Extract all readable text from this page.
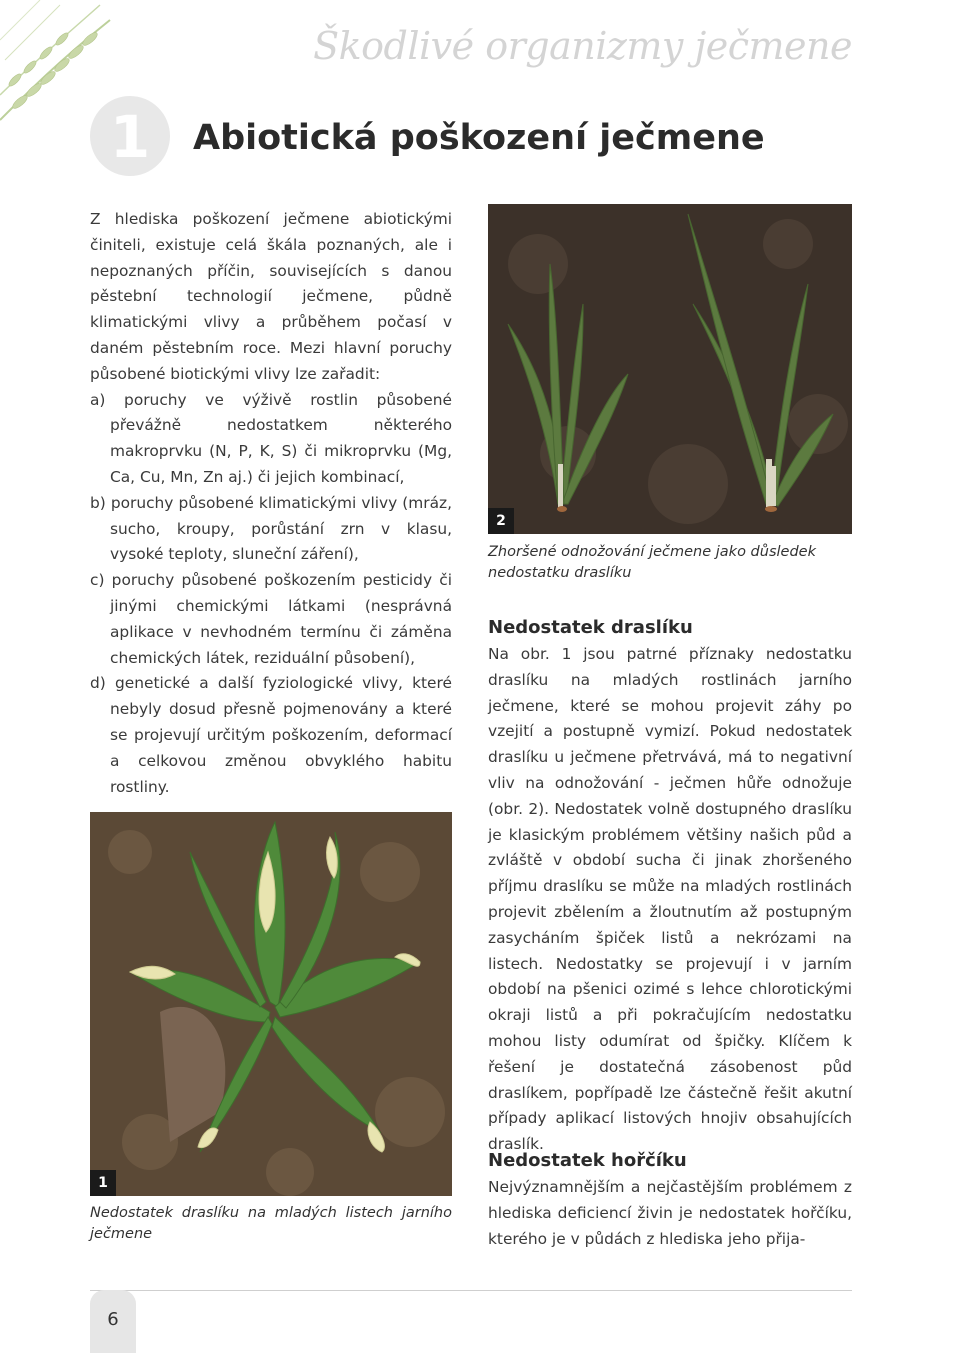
Škodlivé organizmy ječmene
1	Abiotická poškození ječmene

Z hlediska poškození ječmene abiotickými činiteli, existuje celá škála poznaných, ale i nepoznaných příčin, souvisejících s danou pěstební technologií ječmene, půdně klimatickými vlivy a průběhem počasí v daném pěstebním roce. Mezi hlavní poruchy působené biotickými vlivy lze zařadit:

a) poruchy ve výživě rostlin působené převážně nedostatkem některého makroprvku (N, P, K, S) či mikroprvku (Mg, Ca, Cu, Mn, Zn aj.) či jejich kombinací,

b) poruchy působené klimatickými vlivy (mráz, sucho, kroupy, porůstání zrn v klasu, vysoké teploty, sluneční záření),

c) poruchy působené poškozením pesticidy či jinými chemickými látkami (nesprávná aplikace v nevhodném termínu či záměna chemických látek, reziduální působení),

d) genetické a další fyziologické vlivy, které nebyly dosud přesně pojmenovány a které se projevují určitým poškozením, deformací a celkovou změnou obvyklého habitu rostliny.

1
Nedostatek draslíku na mladých listech jarního ječmene
2
Zhoršené odnožování ječmene jako důsledek nedostatku draslíku
Nedostatek draslíku

Na obr. 1 jsou patrné příznaky nedostatku draslíku na mladých rostlinách jarního ječmene, které se mohou projevit záhy po vzejití a postupně vymizí. Pokud nedostatek draslíku u ječmene přetrvává, má to negativní vliv na odnožování - ječmen hůře odnožuje (obr. 2). Nedostatek volně dostupného draslíku je klasickým problémem většiny našich půd a zvláště v období sucha či jinak zhoršeného příjmu draslíku se může na mladých rostlinách projevit zbělením a žloutnutím až postupným zasycháním špiček listů a nekrózami na listech. Nedostatky se projevují i v jarním období na pšenici ozimé s lehce chlorotickými okraji listů a při pokračujícím nedostatku mohou listy odumírat od špičky. Klíčem k řešení je dostatečná zásobenost půd draslíkem, popřípadě lze částečně řešit akutní případy aplikací listových hnojiv obsahujících draslík.

Nedostatek hořčíku

Nejvýznamnějším a nejčastějším problémem z hlediska deficiencí živin je nedostatek hořčíku, kterého je v půdách z hlediska jeho přija-

6
